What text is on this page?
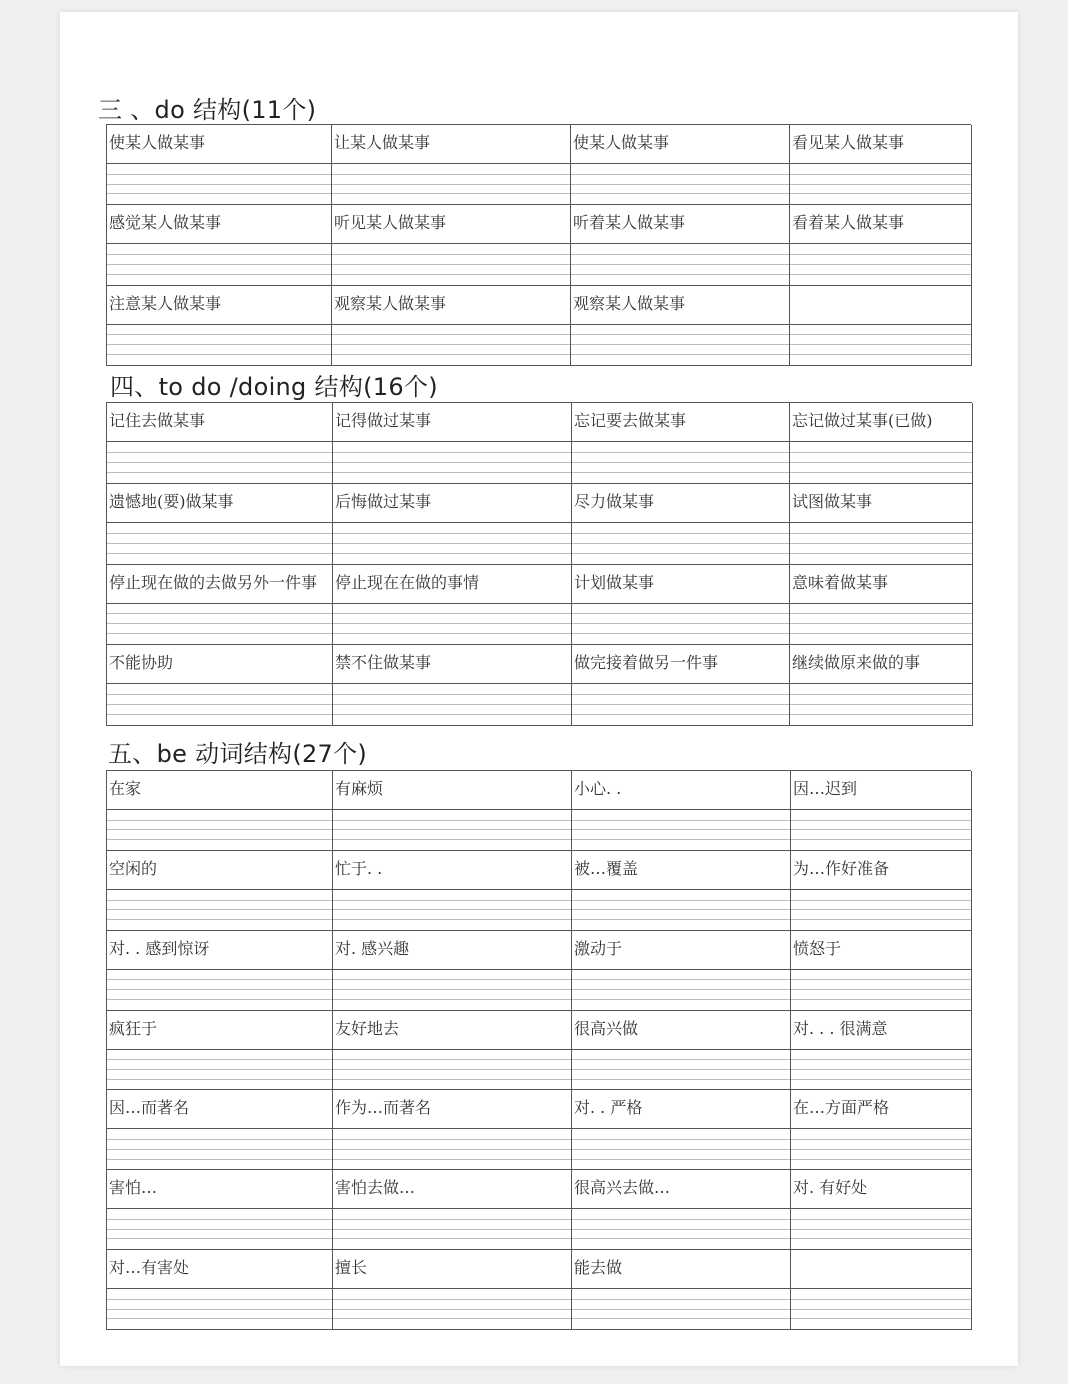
三 、do 结构(11个)
使某人做某事	让某人做某事	使某人做某事	看见某人做某事
感觉某人做某事	听见某人做某事	听着某人做某事	看着某人做某事
注意某人做某事	观察某人做某事	观察某人做某事
四、to do /doing 结构(16个)
记住去做某事	记得做过某事	忘记要去做某事	忘记做过某事(已做)
遗憾地(要)做某事	后悔做过某事	尽力做某事	试图做某事
停止现在做的去做另外一件事	停止现在在做的事情	计划做某事	意味着做某事
不能协助	禁不住做某事	做完接着做另一件事	继续做原来做的事
五、be 动词结构(27个)
在家	有麻烦	小心. .	因…迟到
空闲的	忙于. .	被…覆盖	为…作好准备
对. . 感到惊讶	对. 感兴趣	激动于	愤怒于
疯狂于	友好地去	很高兴做	对. . . 很满意
因…而著名	作为…而著名	对. . 严格	在…方面严格
害怕…	害怕去做…	很高兴去做…	对. 有好处
对…有害处	擅长	能去做
